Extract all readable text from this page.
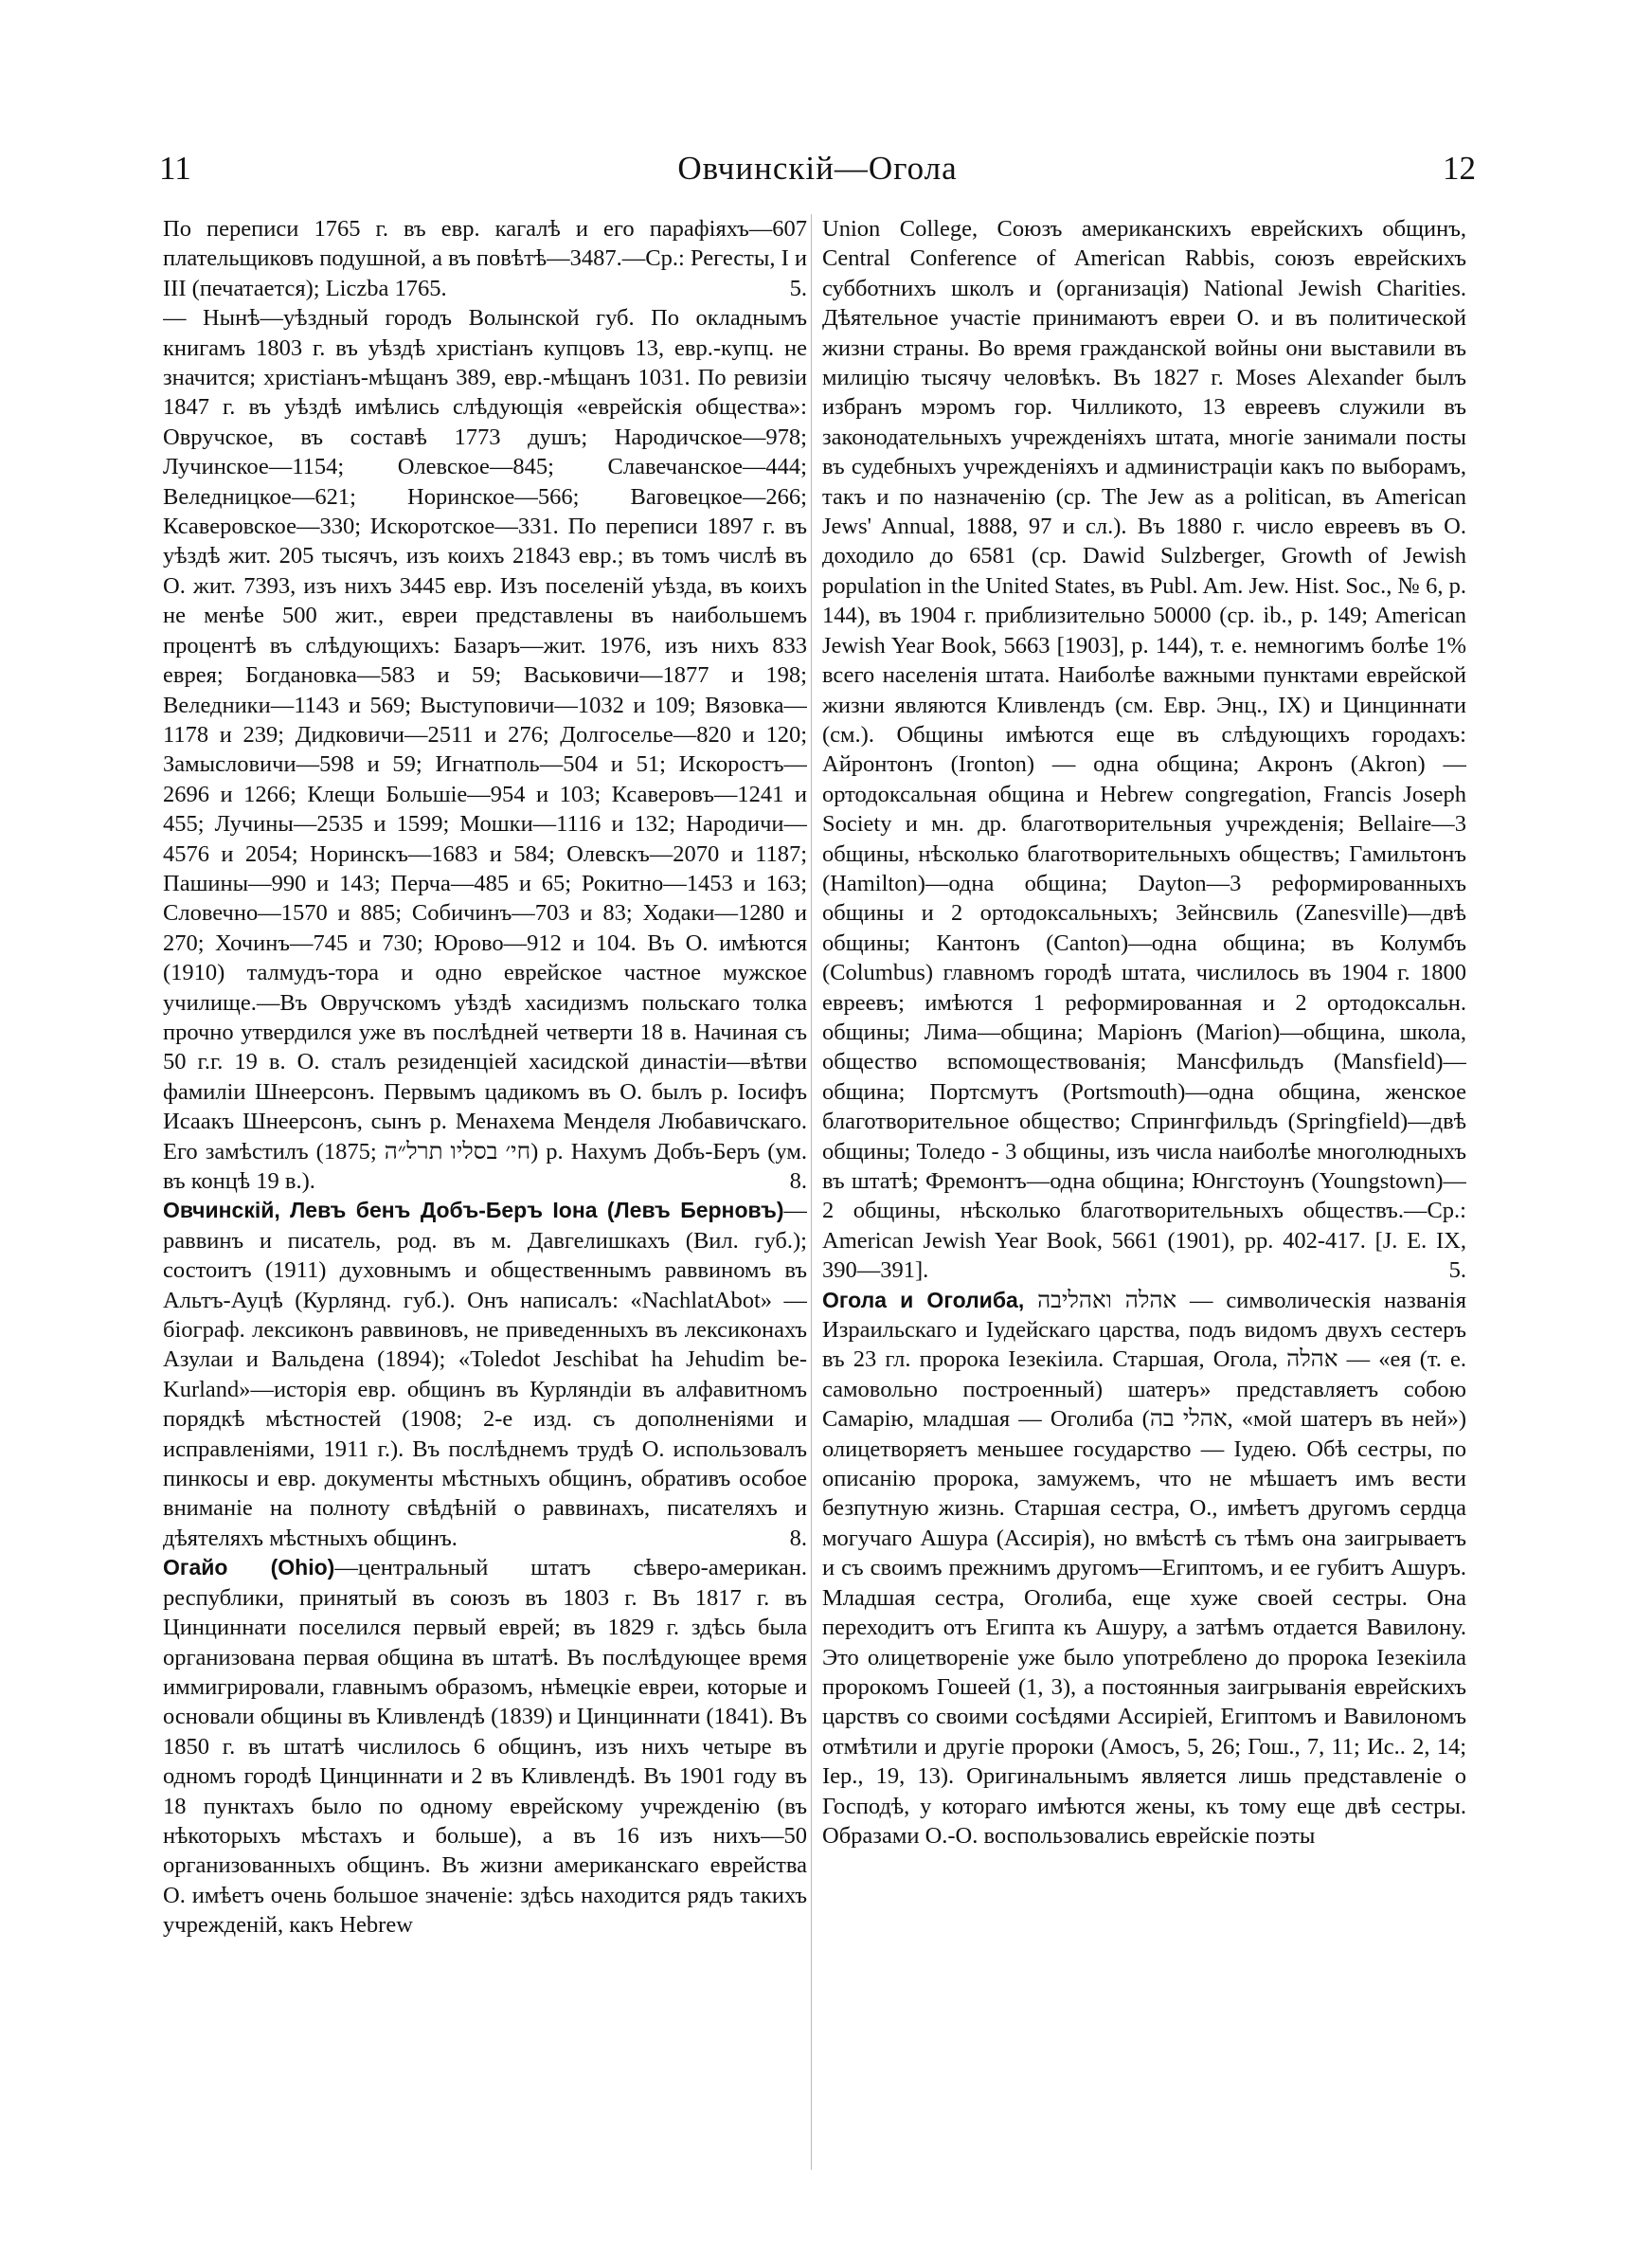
11	Овчинскій—Огола	12

По переписи 1765 г. въ евр. кагалѣ и его парафіяхъ—607 плательщиковъ подушной, а въ повѣтѣ—3487.—Ср.: Регесты, I и III (печатается); Liczba 1765.	5.

— Нынѣ—уѣздный городъ Волынской губ. По окладнымъ книгамъ 1803 г. въ уѣздѣ христіанъ купцовъ 13, евр.-купц. не значится; христіанъ-мѣщанъ 389, евр.-мѣщанъ 1031. По ревизіи 1847 г. въ уѣздѣ имѣлись слѣдующія «еврейскія общества»: Овручское, въ составѣ 1773 душъ; Народичское—978; Лучинское—1154; Олевское—845; Славечанское—444; Веледницкое—621; Норинское—566; Ваговецкое—266; Ксаверовское—330; Искоротское—331. По переписи 1897 г. въ уѣздѣ жит. 205 тысячъ, изъ коихъ 21843 евр.; въ томъ числѣ въ О. жит. 7393, изъ нихъ 3445 евр. Изъ поселеній уѣзда, въ коихъ не менѣе 500 жит., евреи представлены въ наибольшемъ процентѣ въ слѣдующихъ: Базаръ—жит. 1976, изъ нихъ 833 еврея; Богдановка—583 и 59; Васьковичи—1877 и 198; Веледники—1143 и 569; Выступовичи—1032 и 109; Вязовка—1178 и 239; Дидковичи—2511 и 276; Долгоселье—820 и 120; Замысловичи—598 и 59; Игнатполь—504 и 51; Искоростъ—2696 и 1266; Клещи Большіе—954 и 103; Ксаверовъ—1241 и 455; Лучины—2535 и 1599; Мошки—1116 и 132; Народичи—4576 и 2054; Норинскъ—1683 и 584; Олевскъ—2070 и 1187; Пашины—990 и 143; Перча—485 и 65; Рокитно—1453 и 163; Словечно—1570 и 885; Собичинъ—703 и 83; Ходаки—1280 и 270; Хочинъ—745 и 730; Юрово—912 и 104. Въ О. имѣются (1910) талмудъ-тора и одно еврейское частное мужское училище.—Въ Овручскомъ уѣздѣ хасидизмъ польскаго толка прочно утвердился уже въ послѣдней четверти 18 в. Начиная съ 50 г.г. 19 в. О. сталъ резиденціей хасидской династіи—вѣтви фамиліи Шнеерсонъ. Первымъ цадикомъ въ О. былъ р. Іосифъ Исаакъ Шнеерсонъ, сынъ р. Менахема Менделя Любавичскаго. Его замѣстилъ (1875; חי׳ בסליו תרל״ה) р. Нахумъ Добъ-Беръ (ум. въ концѣ 19 в.).	8.

Овчинскій, Левъ бенъ Добъ-Беръ Іона (Левъ Берновъ)—раввинъ и писатель, род. въ м. Давгелишкахъ (Вил. губ.); состоитъ (1911) духовнымъ и общественнымъ раввиномъ въ Альтъ-Ауцѣ (Курлянд. губ.). Онъ написалъ: «NachlatAbot» —біограф. лексиконъ раввиновъ, не приведенныхъ въ лексиконахъ Азулаи и Вальдена (1894); «Toledot Jeschibat ha Jehudim be-Kurland»—исторія евр. общинъ въ Курляндіи въ алфавитномъ порядкѣ мѣстностей (1908; 2-е изд. съ дополненіями и исправленіями, 1911 г.). Въ послѣднемъ трудѣ О. использовалъ пинкосы и евр. документы мѣстныхъ общинъ, обративъ особое вниманіе на полноту свѣдѣній о раввинахъ, писателяхъ и дѣятеляхъ мѣстныхъ общинъ.	8.

Огайо (Ohio)—центральный штатъ сѣверо-американ. республики, принятый въ союзъ въ 1803 г. Въ 1817 г. въ Цинциннати поселился первый еврей; въ 1829 г. здѣсь была организована первая община въ штатѣ. Въ послѣдующее время иммигрировали, главнымъ образомъ, нѣмецкіе евреи, которые и основали общины въ Кливлендѣ (1839) и Цинциннати (1841). Въ 1850 г. въ штатѣ числилось 6 общинъ, изъ нихъ четыре въ одномъ городѣ Цинциннати и 2 въ Кливлендѣ. Въ 1901 году въ 18 пунктахъ было по одному еврейскому учрежденію (въ нѣкоторыхъ мѣстахъ и больше), а въ 16 изъ нихъ—50 организованныхъ общинъ. Въ жизни американскаго еврейства О. имѣетъ очень большое значеніе: здѣсь находится рядъ такихъ учрежденій, какъ Hebrew

Union College, Союзъ американскихъ еврейскихъ общинъ, Central Conference of American Rabbis, союзъ еврейскихъ субботнихъ школъ и (организація) National Jewish Charities. Дѣятельное участіе принимаютъ евреи О. и въ политической жизни страны. Во время гражданской войны они выставили въ милицію тысячу человѣкъ. Въ 1827 г. Moses Alexander былъ избранъ мэромъ гор. Чилликото, 13 евреевъ служили въ законодательныхъ учрежденіяхъ штата, многіе занимали посты въ судебныхъ учрежденіяхъ и администраціи какъ по выборамъ, такъ и по назначенію (ср. The Jew as a politican, въ American Jews' Annual, 1888, 97 и сл.). Въ 1880 г. число евреевъ въ О. доходило до 6581 (ср. Dawid Sulzberger, Growth of Jewish population in the United States, въ Publ. Am. Jew. Hist. Soc., № 6, p. 144), въ 1904 г. приблизительно 50000 (ср. ib., p. 149; American Jewish Year Book, 5663 [1903], p. 144), т. е. немногимъ болѣе 1% всего населенія штата. Наиболѣе важными пунктами еврейской жизни являются Кливлендъ (см. Евр. Энц., IX) и Цинциннати (см.). Общины имѣются еще въ слѣдующихъ городахъ: Айронтонъ (Ironton) — одна община; Акронъ (Akron) — ортодоксальная община и Hebrew congregation, Francis Joseph Society и мн. др. благотворительныя учрежденія; Bellaire—3 общины, нѣсколько благотворительныхъ обществъ; Гамильтонъ (Hamilton)—одна община; Dayton—3 реформированныхъ общины и 2 ортодоксальныхъ; Зейнсвиль (Zanesville)—двѣ общины; Кантонъ (Canton)—одна община; въ Колумбъ (Columbus) главномъ городѣ штата, числилось въ 1904 г. 1800 евреевъ; имѣются 1 реформированная и 2 ортодоксальн. общины; Лима—община; Маріонъ (Marion)—община, школа, общество вспомоществованія; Мансфильдъ (Mansfield)—община; Портсмутъ (Portsmouth)—одна община, женское благотворительное общество; Спрингфильдъ (Springfield)—двѣ общины; Толедо - 3 общины, изъ числа наиболѣе многолюдныхъ въ штатѣ; Фремонтъ—одна община; Юнгстоунъ (Youngstown)—2 общины, нѣсколько благотворительныхъ обществъ.—Ср.: American Jewish Year Book, 5661 (1901), pp. 402-417. [J. E. IX, 390—391].	5.

Огола и Оголиба, אהלה ואהליבה — символическія названія Израильскаго и Іудейскаго царства, подъ видомъ двухъ сестеръ въ 23 гл. пророка Іезекіила. Старшая, Огола, אהלה — «ея (т. е. самовольно построенный) шатеръ» представляетъ собою Самарію, младшая — Оголиба (אהלי בה, «мой шатеръ въ ней») олицетворяетъ меньшее государство — Іудею. Обѣ сестры, по описанію пророка, замужемъ, что не мѣшаетъ имъ вести безпутную жизнь. Старшая сестра, О., имѣетъ другомъ сердца могучаго Ашура (Ассирія), но вмѣстѣ съ тѣмъ она заигрываетъ и съ своимъ прежнимъ другомъ—Египтомъ, и ее губитъ Ашуръ. Младшая сестра, Оголиба, еще хуже своей сестры. Она переходитъ отъ Египта къ Ашуру, а затѣмъ отдается Вавилону. Это олицетвореніе уже было употреблено до пророка Іезекіила пророкомъ Гошеей (1, 3), а постоянныя заигрыванія еврейскихъ царствъ со своими сосѣдями Ассиріей, Египтомъ и Вавилономъ отмѣтили и другіе пророки (Амосъ, 5, 26; Гош., 7, 11; Ис.. 2, 14; Іер., 19, 13). Оригинальнымъ является лишь представленіе о Господѣ, у котораго имѣются жены, къ тому еще двѣ сестры. Образами О.-О. воспользовались еврейскіе поэты
